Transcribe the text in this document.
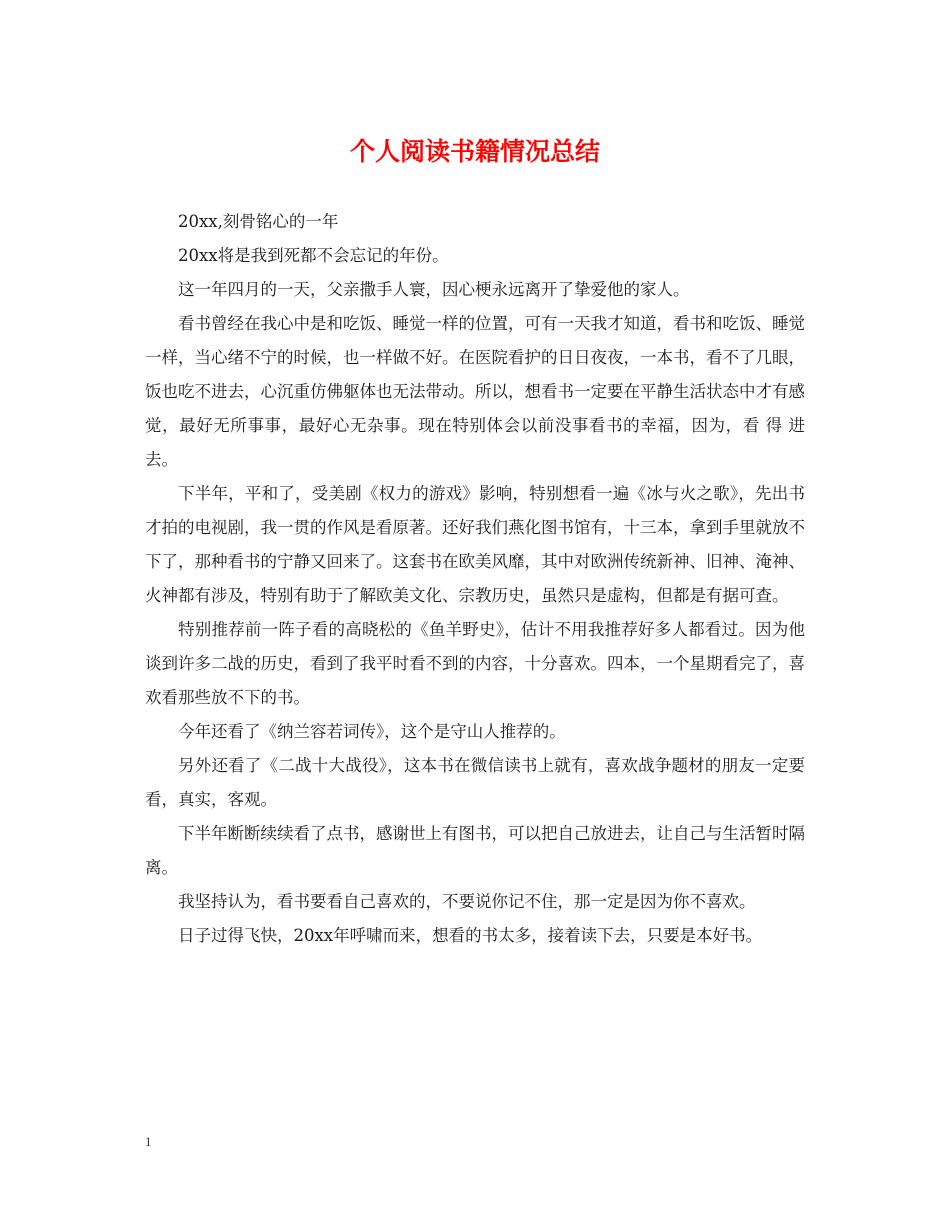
个人阅读书籍情况总结

20xx,刻骨铭心的一年

20xx将是我到死都不会忘记的年份。

这一年四月的一天，父亲撒手人寰，因心梗永远离开了挚爱他的家人。

看书曾经在我心中是和吃饭、睡觉一样的位置，可有一天我才知道，看书和吃饭、睡觉一样，当心绪不宁的时候，也一样做不好。在医院看护的日日夜夜，一本书，看不了几眼，饭也吃不进去，心沉重仿佛躯体也无法带动。所以，想看书一定要在平静生活状态中才有感觉，最好无所事事，最好心无杂事。现在特别体会以前没事看书的幸福，因为，看 得 进 去。

下半年，平和了，受美剧《权力的游戏》影响，特别想看一遍《冰与火之歌》，先出书才拍的电视剧，我一贯的作风是看原著。还好我们燕化图书馆有，十三本，拿到手里就放不下了，那种看书的宁静又回来了。这套书在欧美风靡，其中对欧洲传统新神、旧神、淹神、火神都有涉及，特别有助于了解欧美文化、宗教历史，虽然只是虚构，但都是有据可查。

特别推荐前一阵子看的高晓松的《鱼羊野史》，估计不用我推荐好多人都看过。因为他谈到许多二战的历史，看到了我平时看不到的内容，十分喜欢。四本，一个星期看完了，喜欢看那些放不下的书。

今年还看了《纳兰容若词传》，这个是守山人推荐的。

另外还看了《二战十大战役》，这本书在微信读书上就有，喜欢战争题材的朋友一定要看，真实，客观。

下半年断断续续看了点书，感谢世上有图书，可以把自己放进去，让自己与生活暂时隔离。

我坚持认为，看书要看自己喜欢的，不要说你记不住，那一定是因为你不喜欢。

日子过得飞快，20xx年呼啸而来，想看的书太多，接着读下去，只要是本好书。

1
